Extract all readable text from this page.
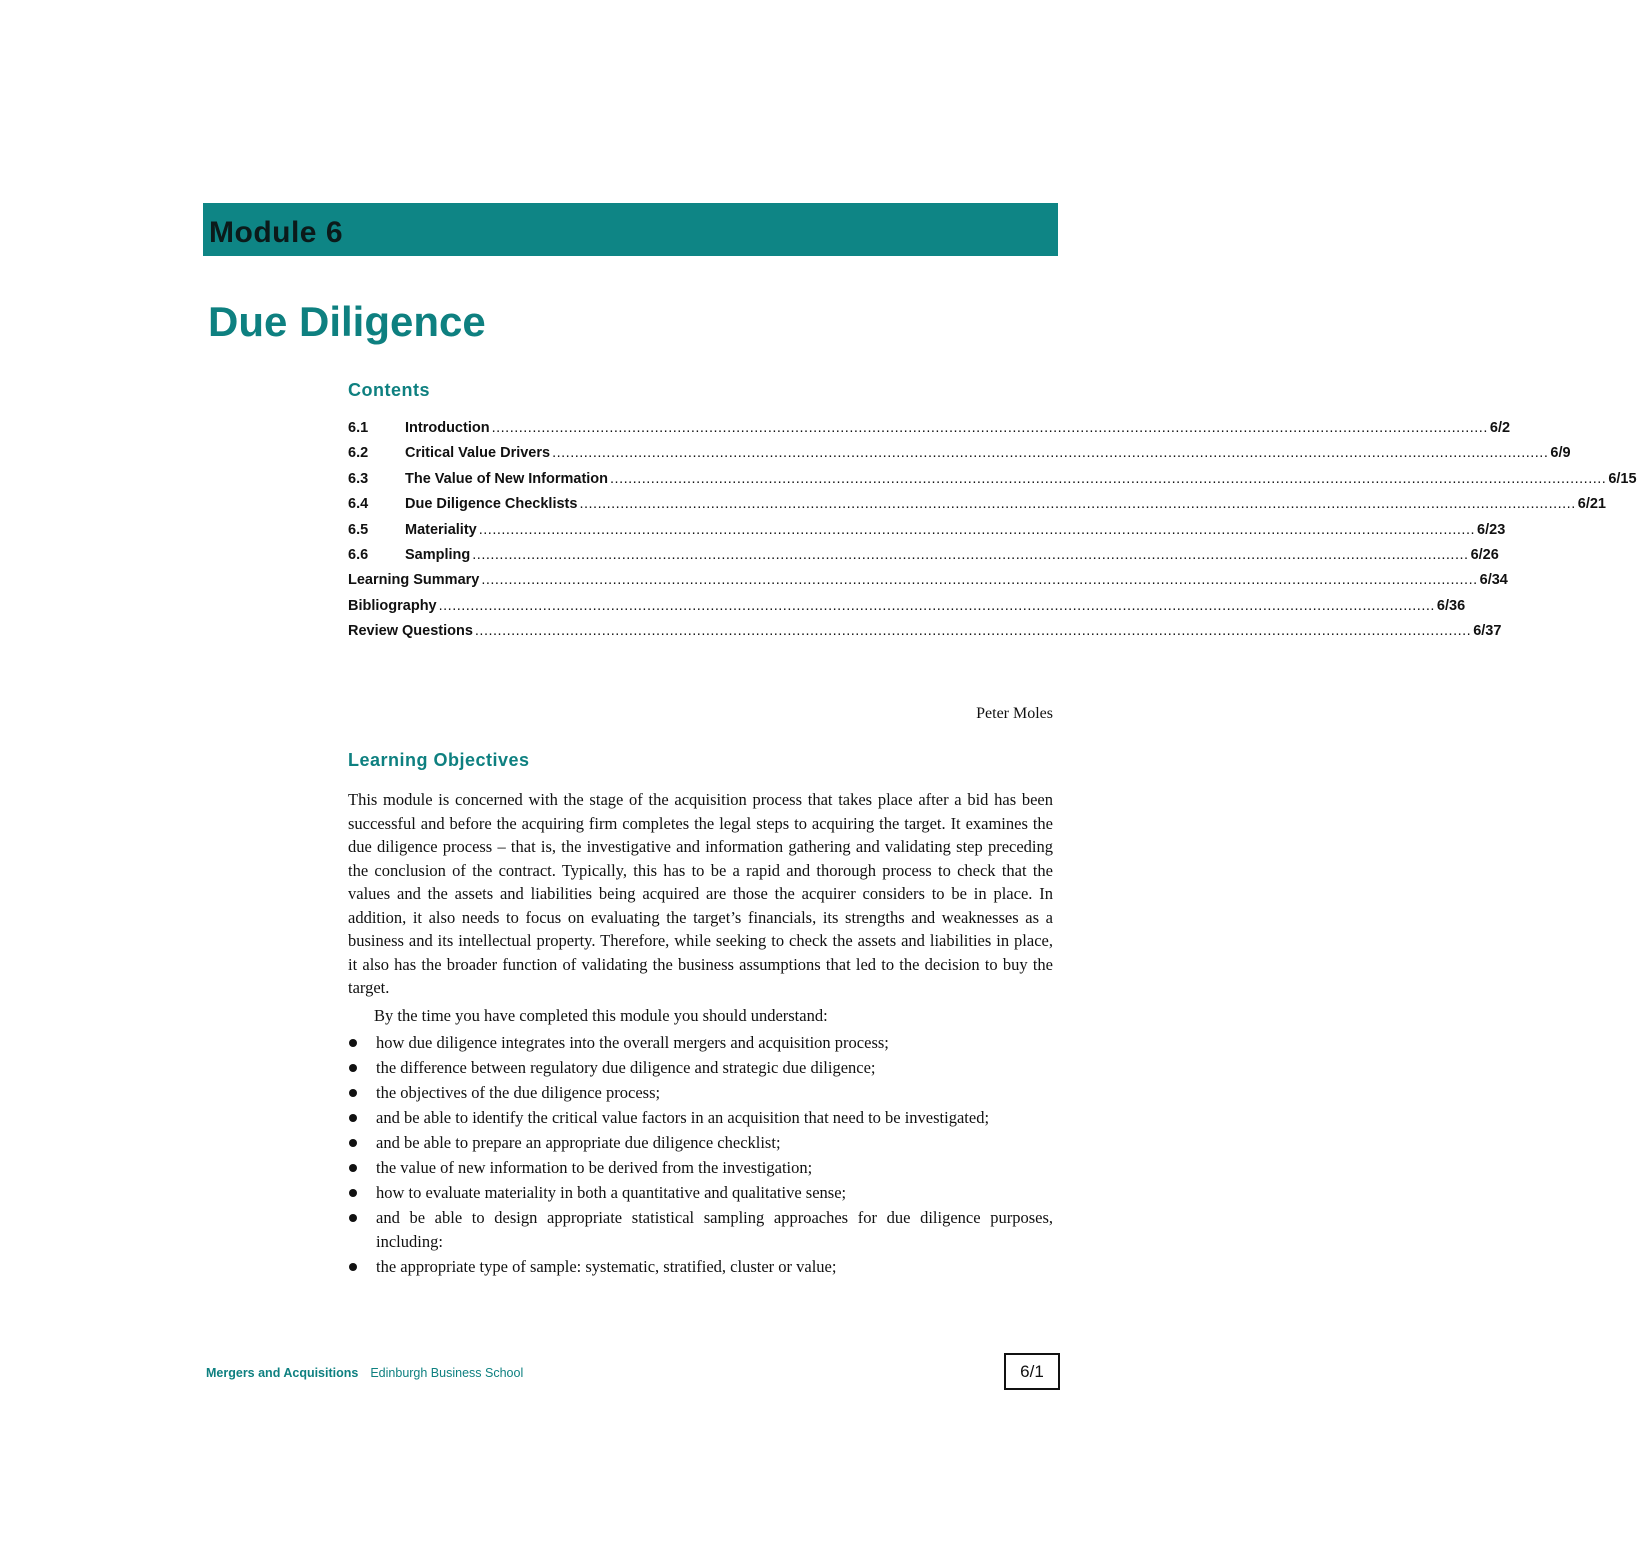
Module 6
Due Diligence
Contents
6.1	Introduction ............................................................................................................................................................................................................................ 6/2
6.2	Critical Value Drivers ............................................................................................................................................................................................................................ 6/9
6.3	The Value of New Information ............................................................................................................................................................................................................................ 6/15
6.4	Due Diligence Checklists ............................................................................................................................................................................................................................ 6/21
6.5	Materiality ............................................................................................................................................................................................................................ 6/23
6.6	Sampling ............................................................................................................................................................................................................................ 6/26
Learning Summary ............................................................................................................................................................................................................................ 6/34
Bibliography ............................................................................................................................................................................................................................ 6/36
Review Questions ............................................................................................................................................................................................................................ 6/37
Peter Moles
Learning Objectives

This module is concerned with the stage of the acquisition process that takes place after a bid has been successful and before the acquiring firm completes the legal steps to acquiring the target. It examines the due diligence process – that is, the investigative and information gathering and validating step preceding the conclusion of the contract. Typically, this has to be a rapid and thorough process to check that the values and the assets and liabilities being acquired are those the acquirer considers to be in place. In addition, it also needs to focus on evaluating the target’s financials, its strengths and weaknesses as a business and its intellectual property. Therefore, while seeking to check the assets and liabilities in place, it also has the broader function of validating the business assumptions that led to the decision to buy the target.

By the time you have completed this module you should understand:

how due diligence integrates into the overall mergers and acquisition process;
the difference between regulatory due diligence and strategic due diligence;
the objectives of the due diligence process;
and be able to identify the critical value factors in an acquisition that need to be investigated;
and be able to prepare an appropriate due diligence checklist;
the value of new information to be derived from the investigation;
how to evaluate materiality in both a quantitative and qualitative sense;
and be able to design appropriate statistical sampling approaches for due diligence purposes, including:
the appropriate type of sample: systematic, stratified, cluster or value;
Mergers and Acquisitions Edinburgh Business School	6/1
